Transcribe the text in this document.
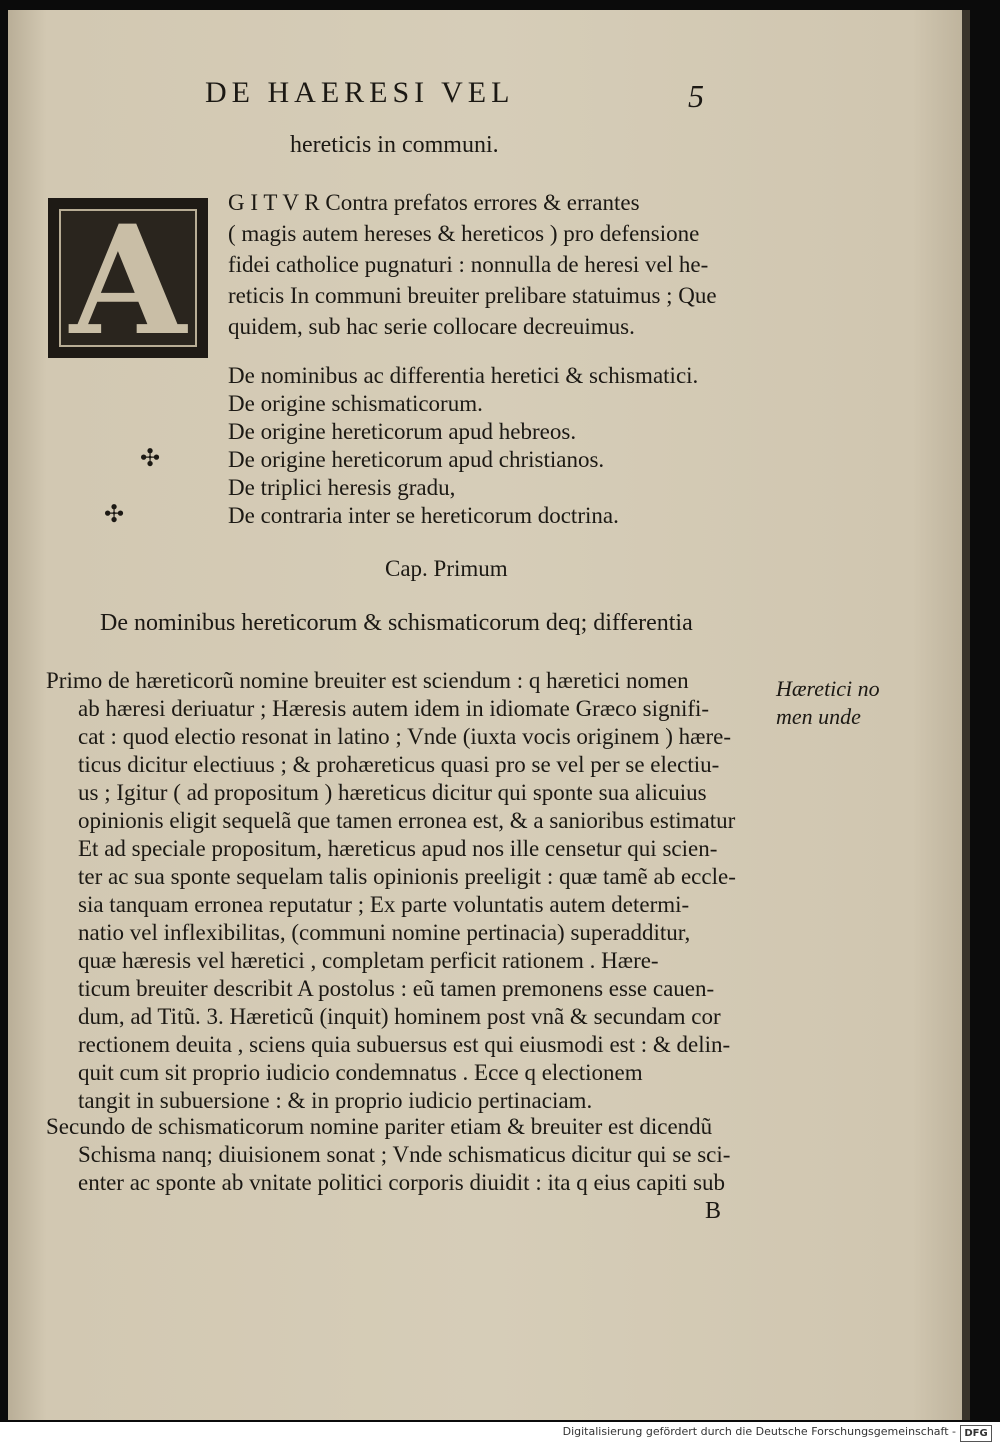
DE HAERESI VEL	5
hereticis in communi.
A	G I T V R Contra prefatos errores & errantes
( magis autem hereses & hereticos ) pro defensione
fidei catholice pugnaturi : nonnulla de heresi vel he-
reticis In communi breuiter prelibare statuimus ; Que
quidem, sub hac serie collocare decreuimus.
De nominibus ac differentia heretici & schismatici.
De origine schismaticorum.
De origine hereticorum apud hebreos.
✣	De origine hereticorum apud christianos.
De triplici heresis gradu,
✣	De contraria inter se hereticorum doctrina.
Cap. Primum
De nominibus hereticorum & schismaticorum deq; differentia
Primo de hæreticorũ nomine breuiter est sciendum : q hæretici nomen
ab hæresi deriuatur ; Hæresis autem idem in idiomate Græco signifi-
cat : quod electio resonat in latino ; Vnde (iuxta vocis originem ) hære-
ticus dicitur electiuus ; & prohæreticus quasi pro se vel per se electiu-
us ; Igitur ( ad propositum ) hæreticus dicitur qui sponte sua alicuius
opinionis eligit sequelã que tamen erronea est, & a sanioribus estimatur
Et ad speciale propositum, hæreticus apud nos ille censetur qui scien-
ter ac sua sponte sequelam talis opinionis preeligit : quæ tamẽ ab eccle-
sia tanquam erronea reputatur ; Ex parte voluntatis autem determi-
natio vel inflexibilitas, (communi nomine pertinacia) superadditur,
quæ hæresis vel hæretici , completam perficit rationem . Hære-
ticum breuiter describit A postolus : eũ tamen premonens esse cauen-
dum, ad Titũ. 3. Hæreticũ (inquit) hominem post vnã & secundam cor
rectionem deuita , sciens quia subuersus est qui eiusmodi est : & delin-
quit cum sit proprio iudicio condemnatus . Ecce q electionem
tangit in subuersione : & in proprio iudicio pertinaciam.
Secundo de schismaticorum nomine pariter etiam & breuiter est dicendũ
Schisma nanq; diuisionem sonat ; Vnde schismaticus dicitur qui se sci-
enter ac sponte ab vnitate politici corporis diuidit : ita q eius capiti sub
Hæretici no
men unde
B
Digitalisierung gefördert durch die Deutsche Forschungsgemeinschaft - DFG
